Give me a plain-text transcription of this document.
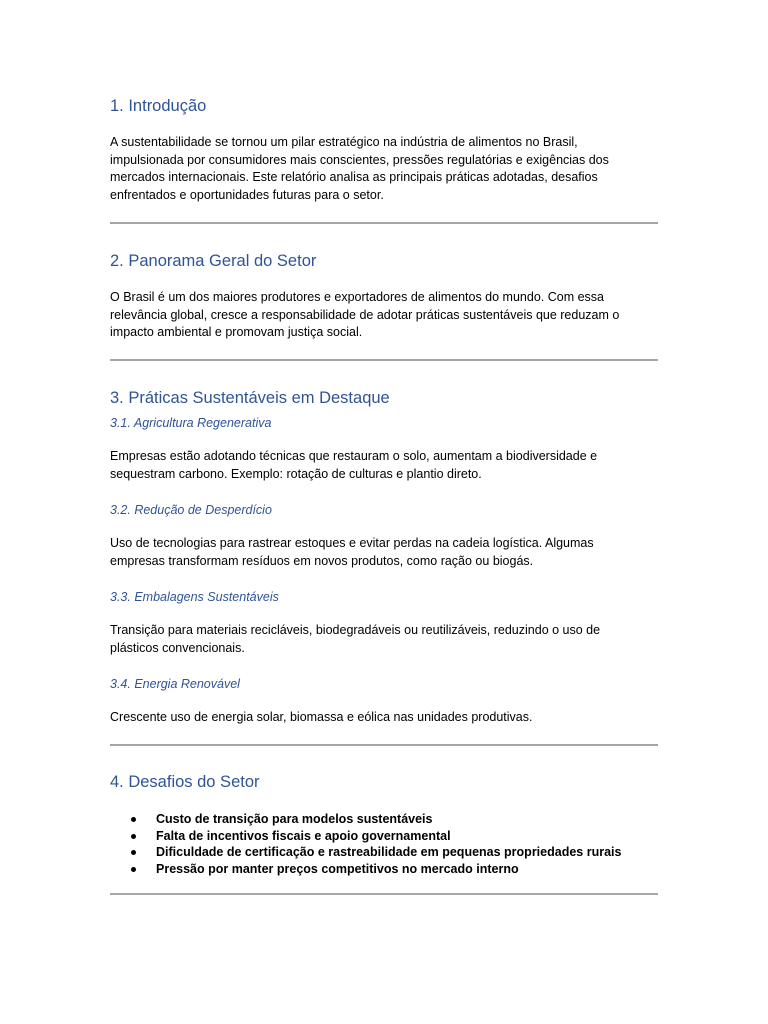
1. Introdução

A sustentabilidade se tornou um pilar estratégico na indústria de alimentos no Brasil,
impulsionada por consumidores mais conscientes, pressões regulatórias e exigências dos
mercados internacionais. Este relatório analisa as principais práticas adotadas, desafios
enfrentados e oportunidades futuras para o setor.

2. Panorama Geral do Setor

O Brasil é um dos maiores produtores e exportadores de alimentos do mundo. Com essa
relevância global, cresce a responsabilidade de adotar práticas sustentáveis que reduzam o
impacto ambiental e promovam justiça social.

3. Práticas Sustentáveis em Destaque
3.1. Agricultura Regenerativa

Empresas estão adotando técnicas que restauram o solo, aumentam a biodiversidade e
sequestram carbono. Exemplo: rotação de culturas e plantio direto.

3.2. Redução de Desperdício

Uso de tecnologias para rastrear estoques e evitar perdas na cadeia logística. Algumas
empresas transformam resíduos em novos produtos, como ração ou biogás.

3.3. Embalagens Sustentáveis

Transição para materiais recicláveis, biodegradáveis ou reutilizáveis, reduzindo o uso de
plásticos convencionais.

3.4. Energia Renovável

Crescente uso de energia solar, biomassa e eólica nas unidades produtivas.

4. Desafios do Setor
Custo de transição para modelos sustentáveis
Falta de incentivos fiscais e apoio governamental
Dificuldade de certificação e rastreabilidade em pequenas propriedades rurais
Pressão por manter preços competitivos no mercado interno
